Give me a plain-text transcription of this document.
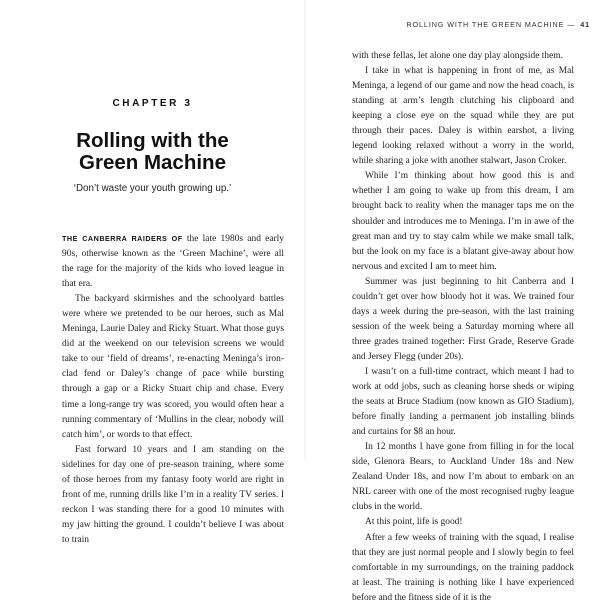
CHAPTER 3
Rolling with the
Green Machine
‘Don’t waste your youth growing up.’

THE CANBERRA RAIDERS OF the late 1980s and early 90s, otherwise known as the ‘Green Machine’, were all the rage for the majority of the kids who loved league in that era.

The backyard skirmishes and the schoolyard battles were where we pretended to be our heroes, such as Mal Meninga, Laurie Daley and Ricky Stuart. What those guys did at the weekend on our television screens we would take to our ‘field of dreams’, re-enacting Meninga’s iron-clad fend or Daley’s change of pace while bursting through a gap or a Ricky Stuart chip and chase. Every time a long-range try was scored, you would often hear a running commentary of ‘Mullins in the clear, nobody will catch him’, or words to that effect.

Fast forward 10 years and I am standing on the sidelines for day one of pre-season training, where some of those heroes from my fantasy footy world are right in front of me, running drills like I’m in a reality TV series. I reckon I was standing there for a good 10 minutes with my jaw hitting the ground. I couldn’t believe I was about to train

ROLLING WITH THE GREEN MACHINE — 41

with these fellas, let alone one day play alongside them.

I take in what is happening in front of me, as Mal Meninga, a legend of our game and now the head coach, is standing at arm’s length clutching his clipboard and keeping a close eye on the squad while they are put through their paces. Daley is within earshot, a living legend looking relaxed without a worry in the world, while sharing a joke with another stalwart, Jason Croker.

While I’m thinking about how good this is and whether I am going to wake up from this dream, I am brought back to reality when the manager taps me on the shoulder and introduces me to Meninga. I’m in awe of the great man and try to stay calm while we make small talk, but the look on my face is a blatant give-away about how nervous and excited I am to meet him.

Summer was just beginning to hit Canberra and I couldn’t get over how bloody hot it was. We trained four days a week during the pre-season, with the last training session of the week being a Saturday morning where all three grades trained together: First Grade, Reserve Grade and Jersey Flegg (under 20s).

I wasn’t on a full-time contract, which meant I had to work at odd jobs, such as cleaning horse sheds or wiping the seats at Bruce Stadium (now known as GIO Stadium), before finally landing a permanent job installing blinds and curtains for $8 an hour.

In 12 months I have gone from filling in for the local side, Glenora Bears, to Auckland Under 18s and New Zealand Under 18s, and now I’m about to embark on an NRL career with one of the most recognised rugby league clubs in the world.

At this point, life is good!

After a few weeks of training with the squad, I realise that they are just normal people and I slowly begin to feel comfortable in my surroundings, on the training paddock at least. The training is nothing like I have experienced before and the fitness side of it is the
